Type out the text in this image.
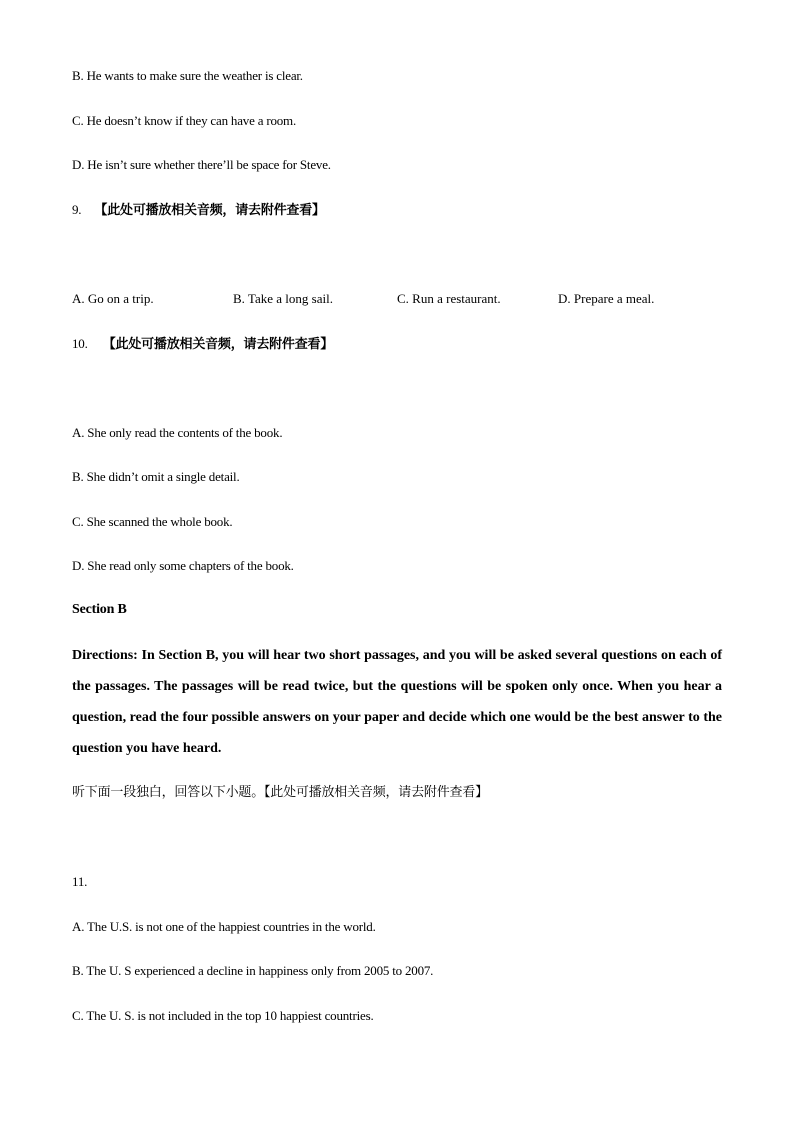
B. He wants to make sure the weather is clear.
C. He doesn’t know if they can have a room.
D. He isn’t sure whether there’ll be space for Steve.
9. 【此处可播放相关音频，请去附件查看】
A. Go on a trip.	B. Take a long sail.	C. Run a restaurant.	D. Prepare a meal.
10. 【此处可播放相关音频，请去附件查看】
A. She only read the contents of the book.
B. She didn’t omit a single detail.
C. She scanned the whole book.
D. She read only some chapters of the book.
Section B
Directions: In Section B, you will hear two short passages, and you will be asked several questions on each of the passages. The passages will be read twice, but the questions will be spoken only once. When you hear a question, read the four possible answers on your paper and decide which one would be the best answer to the question you have heard.
听下面一段独白，回答以下小题。【此处可播放相关音频，请去附件查看】
11.
A. The U.S. is not one of the happiest countries in the world.
B. The U. S experienced a decline in happiness only from 2005 to 2007.
C. The U. S. is not included in the top 10 happiest countries.
